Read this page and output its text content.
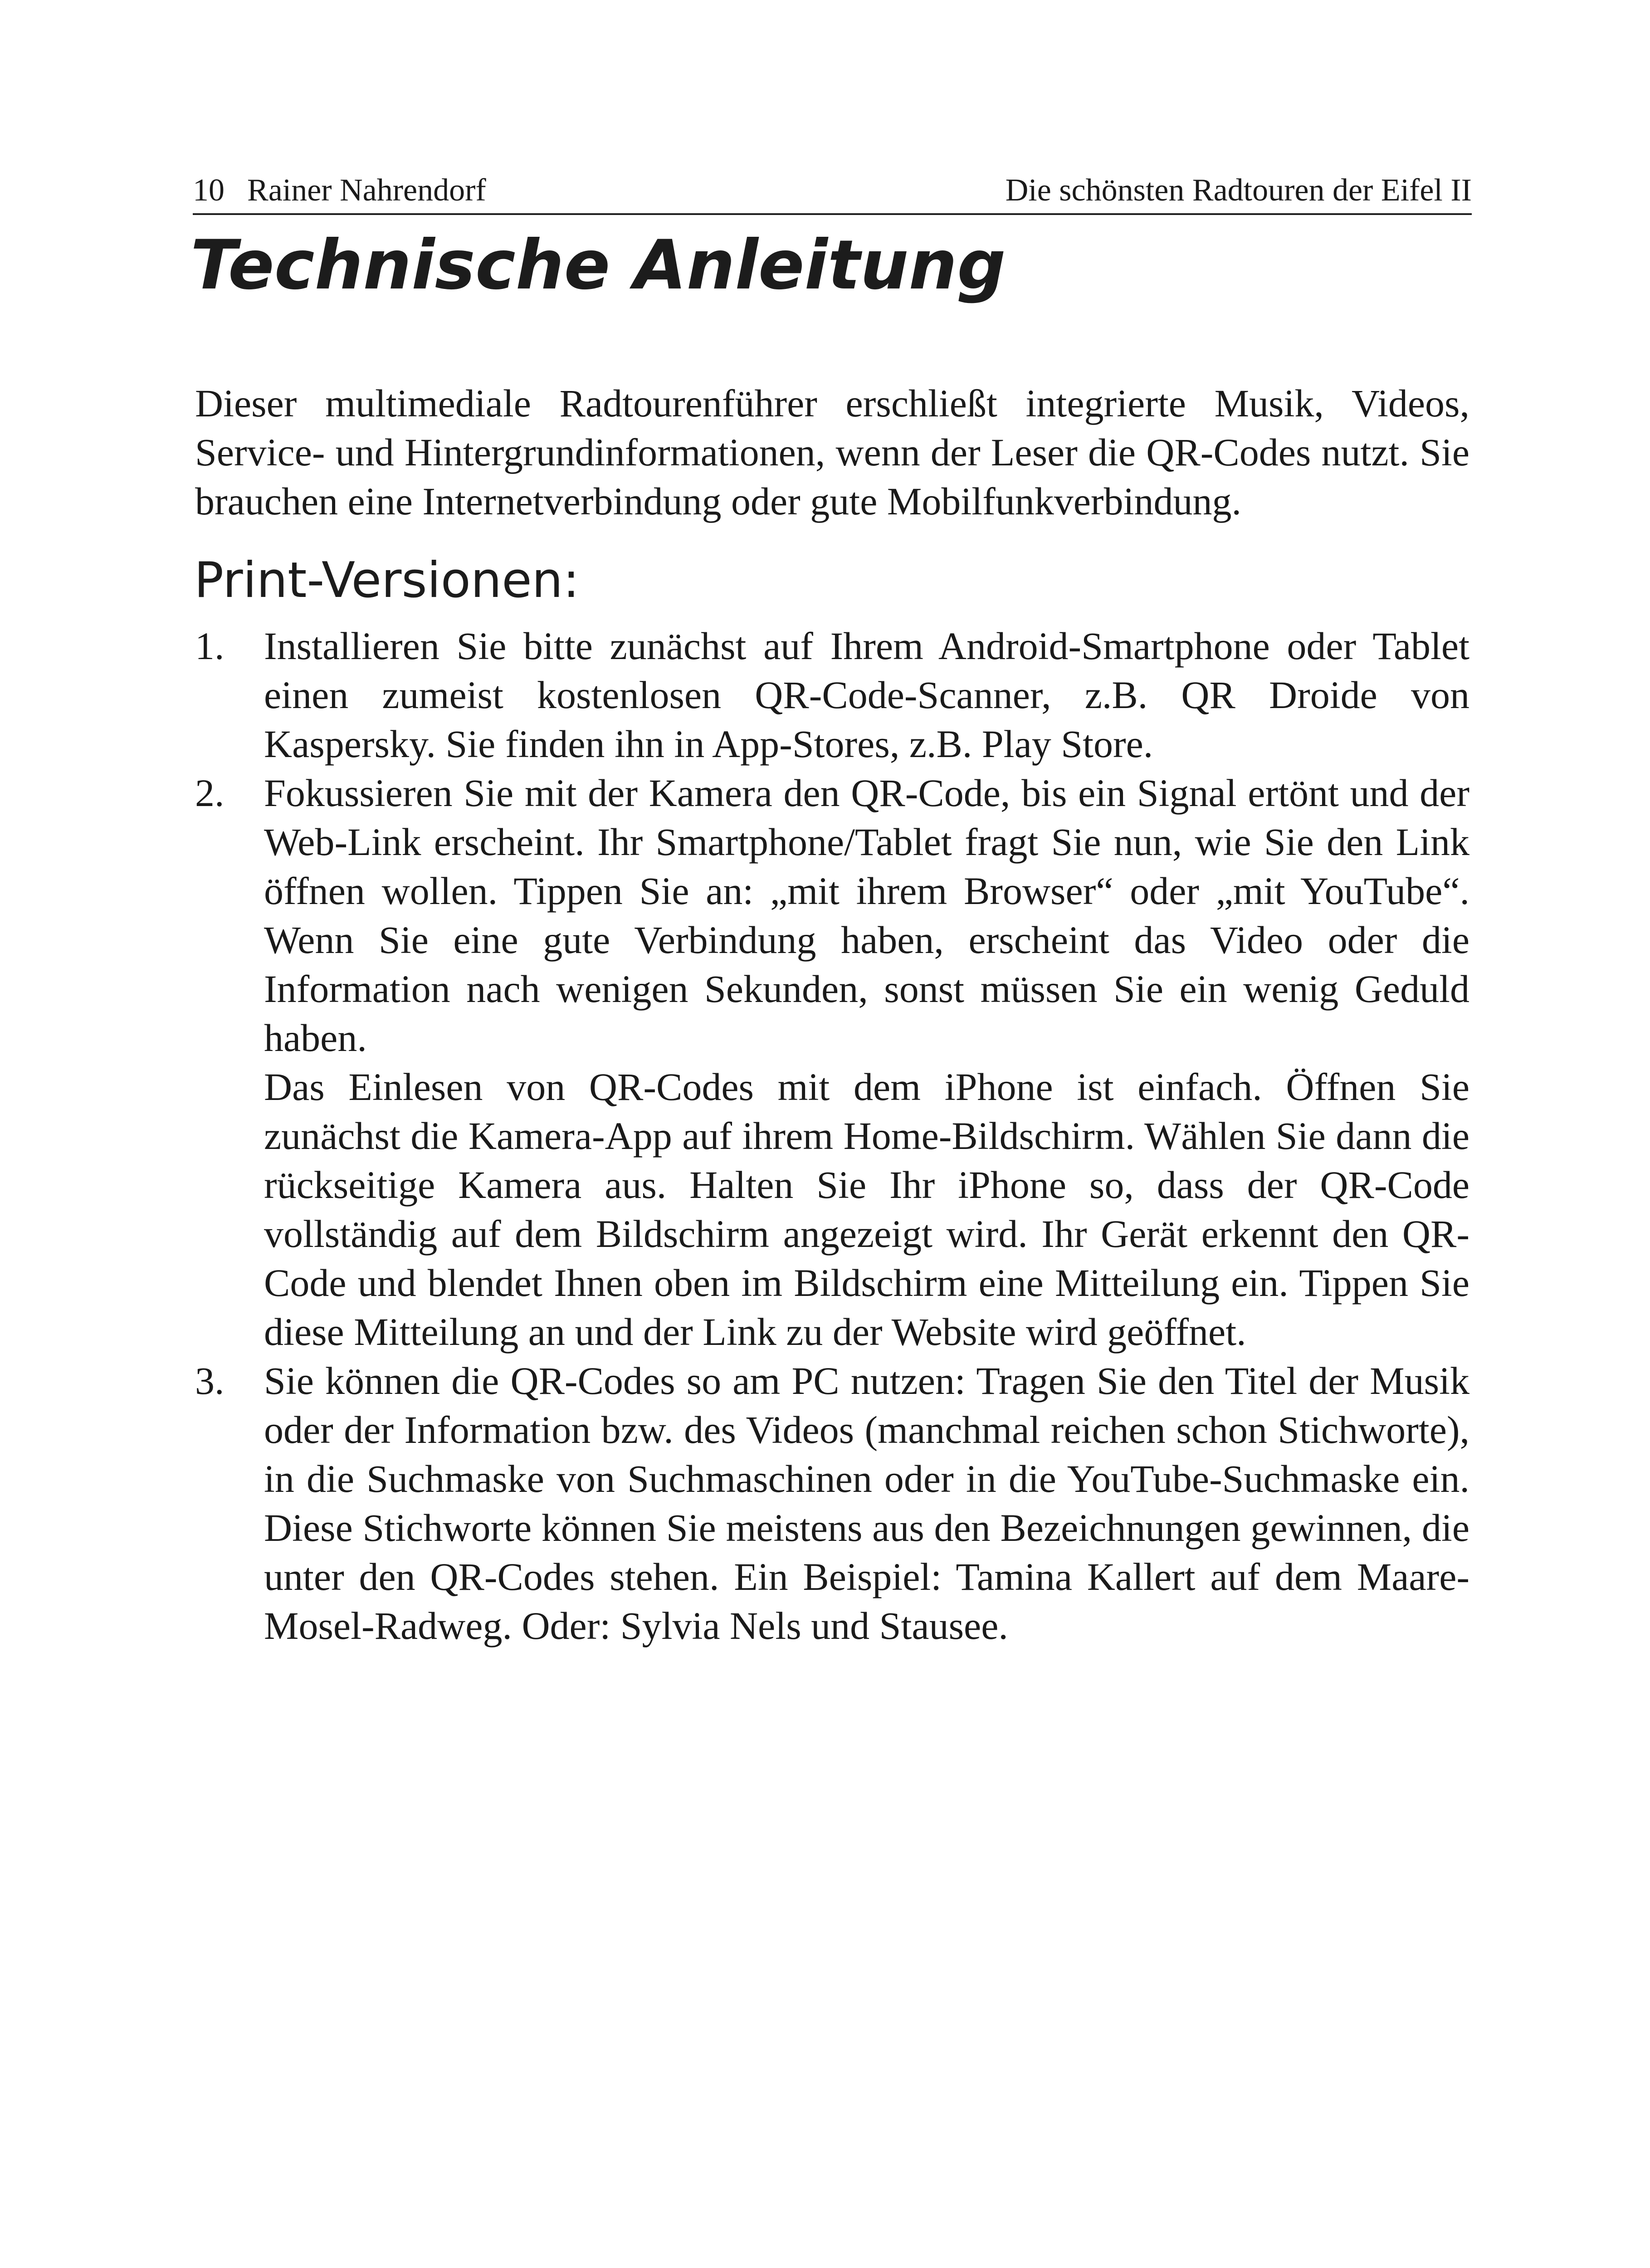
10 Rainer Nahrendorf	Die schönsten Radtouren der Eifel II
Technische Anleitung

Dieser multimediale Radtourenführer erschließt integrierte Musik, Videos, Service- und Hintergrundinformationen, wenn der Leser die QR-Codes nutzt. Sie brauchen eine Internetverbindung oder gute Mobilfunkverbindung.

Print-Versionen:
1. Installieren Sie bitte zunächst auf Ihrem Android-Smartphone oder Tablet einen zumeist kostenlosen QR-Code-Scanner, z.B. QR Droide von Kaspersky. Sie finden ihn in App-Stores, z.B. Play Store.

2. Fokussieren Sie mit der Kamera den QR-Code, bis ein Signal ertönt und der Web-Link erscheint. Ihr Smartphone/Tablet fragt Sie nun, wie Sie den Link öffnen wollen. Tippen Sie an: „mit ihrem Browser“ oder „mit YouTube“. Wenn Sie eine gute Verbindung haben, erscheint das Video oder die Information nach wenigen Sekunden, sonst müssen Sie ein wenig Geduld haben.

Das Einlesen von QR-Codes mit dem iPhone ist einfach. Öffnen Sie zunächst die Kamera-App auf ihrem Home-Bildschirm. Wählen Sie dann die rückseitige Kamera aus. Halten Sie Ihr iPhone so, dass der QR-Code vollständig auf dem Bildschirm angezeigt wird. Ihr Gerät erkennt den QR-Code und blendet Ihnen oben im Bildschirm eine Mitteilung ein. Tippen Sie diese Mitteilung an und der Link zu der Website wird geöffnet.

3. Sie können die QR-Codes so am PC nutzen: Tragen Sie den Titel der Musik oder der Information bzw. des Videos (manchmal reichen schon Stichworte), in die Suchmaske von Suchmaschinen oder in die YouTube-Suchmaske ein. Diese Stichworte können Sie meistens aus den Bezeichnungen gewinnen, die unter den QR-Codes stehen. Ein Beispiel: Tamina Kallert auf dem Maare-Mosel-Radweg. Oder: Sylvia Nels und Stausee.
